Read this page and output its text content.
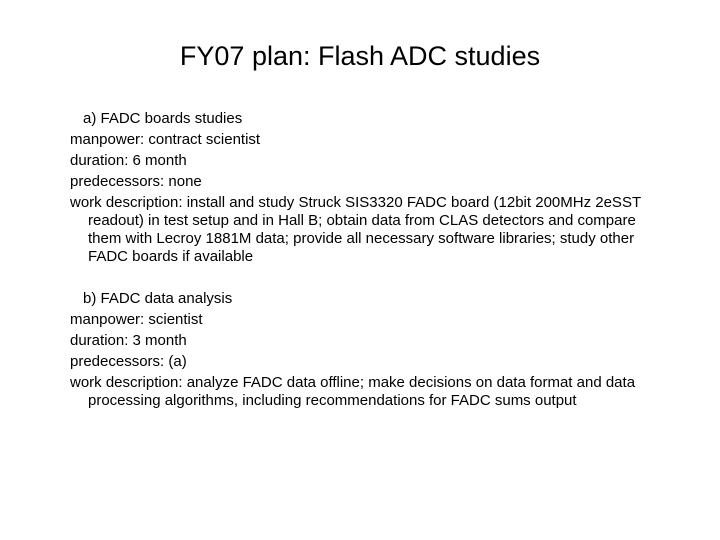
FY07 plan: Flash ADC studies
a) FADC boards studies
manpower: contract scientist
duration: 6 month
predecessors: none
work description: install and study Struck SIS3320 FADC board (12bit 200MHz 2eSST readout) in test setup and in Hall B; obtain data from CLAS detectors and compare them with Lecroy 1881M data; provide all necessary software libraries; study other FADC boards if available
b) FADC data analysis
manpower: scientist
duration: 3 month
predecessors: (a)
work description: analyze FADC data offline; make decisions on data format and data processing algorithms, including recommendations for FADC sums output
